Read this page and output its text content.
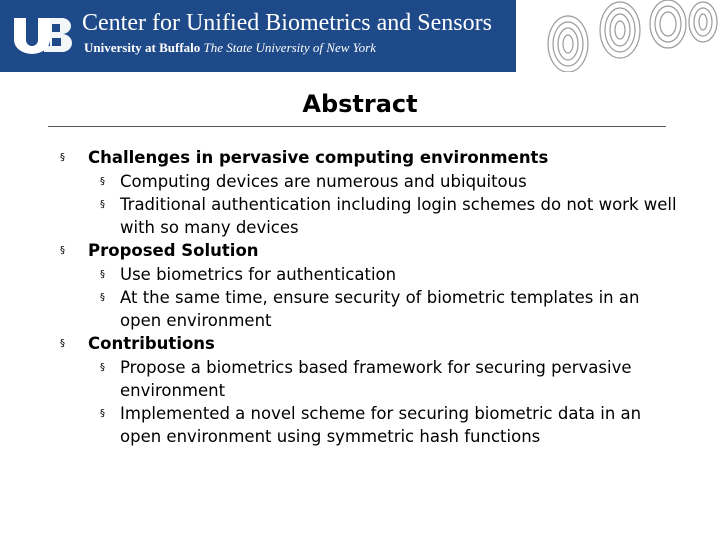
Center for Unified Biometrics and Sensors
University at Buffalo The State University of New York
Abstract
§ Challenges in pervasive computing environments
§ Computing devices are numerous and ubiquitous
§ Traditional authentication including login schemes do not work well with so many devices
§ Proposed Solution
§ Use biometrics for authentication
§ At the same time, ensure security of biometric templates in an open environment
§ Contributions
§ Propose a biometrics based framework for securing pervasive environment
§ Implemented a novel scheme for securing biometric data in an open environment using symmetric hash functions
